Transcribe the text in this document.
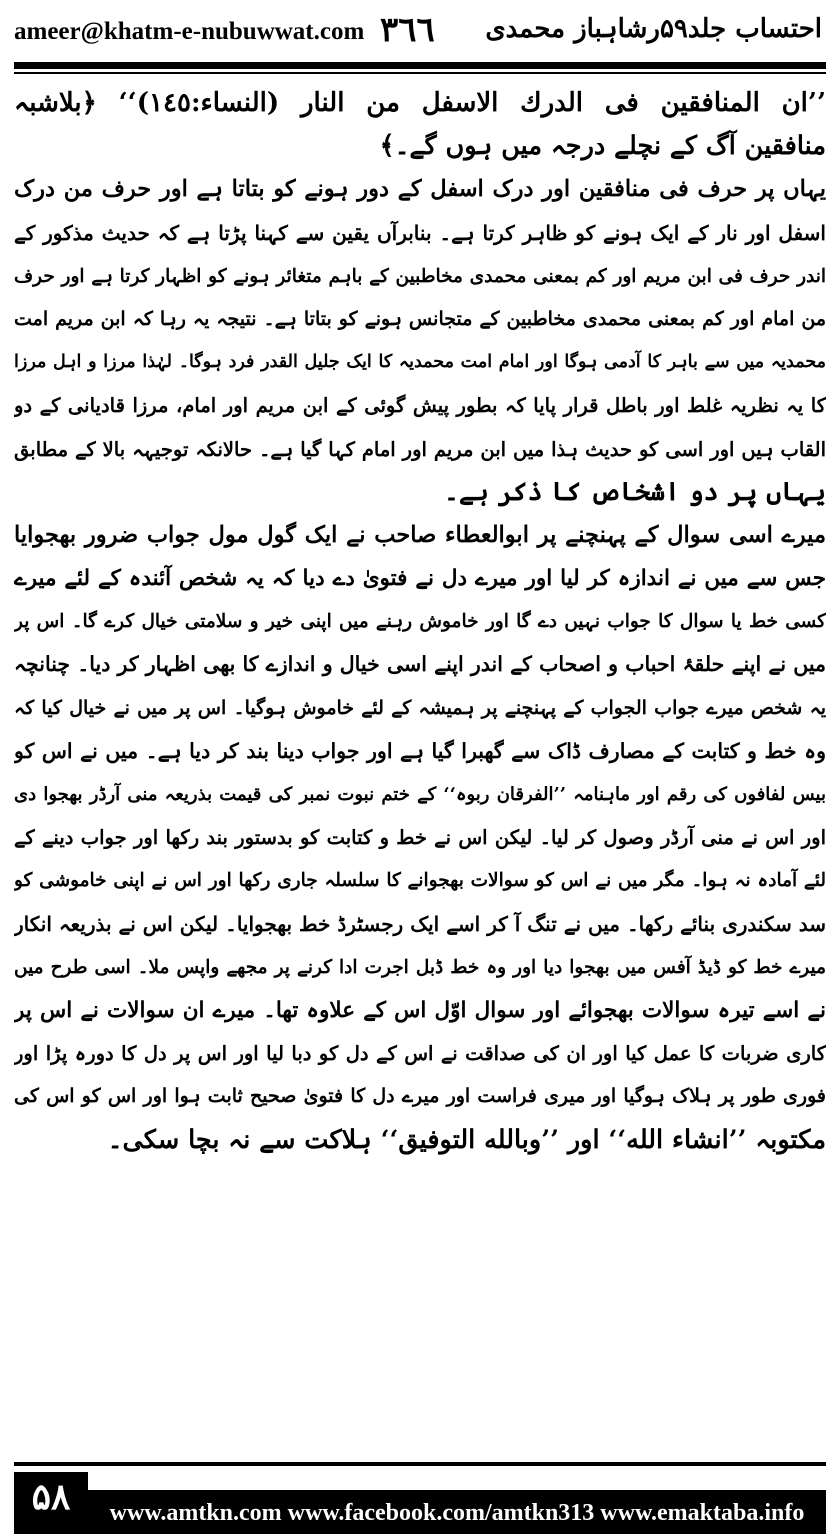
ameer@khatm-e-nubuwwat.com ٣٦٦ احتساب جلد۵۹رشاہباز محمدی
’’ان المنافقين فى الدرك الاسفل من النار (النساء:١٤٥)‘‘ ﴿بلاشبہ
منافقین آگ کے نچلے درجہ میں ہوں گے۔﴾
یہاں پر حرف فی منافقین اور درک اسفل کے دور ہونے کو بتاتا ہے اور حرف من درک
اسفل اور نار کے ایک ہونے کو ظاہر کرتا ہے۔ بنابرآں یقین سے کہنا پڑتا ہے کہ حدیث مذکور کے
اندر حرف فی ابن مریم اور کم بمعنی محمدی مخاطبین کے باہم متغائر ہونے کو اظہار کرتا ہے اور حرف
من امام اور کم بمعنی محمدی مخاطبین کے متجانس ہونے کو بتاتا ہے۔ نتیجہ یہ رہا کہ ابن مریم امت
محمدیہ میں سے باہر کا آدمی ہوگا اور امام امت محمدیہ کا ایک جلیل القدر فرد ہوگا۔ لہٰذا مرزا و اہل مرزا
کا یہ نظریہ غلط اور باطل قرار پایا کہ بطور پیش گوئی کے ابن مریم اور امام، مرزا قادیانی کے دو
القاب ہیں اور اسی کو حدیث ہذا میں ابن مریم اور امام کہا گیا ہے۔ حالانکہ توجیہہ بالا کے مطابق
یہاں پر دو اشخاص کا ذکر ہے۔
میرے اسی سوال کے پہنچنے پر ابوالعطاء صاحب نے ایک گول مول جواب ضرور بھجوایا
جس سے میں نے اندازہ کر لیا اور میرے دل نے فتویٰ دے دیا کہ یہ شخص آئندہ کے لئے میرے
کسی خط یا سوال کا جواب نہیں دے گا اور خاموش رہنے میں اپنی خیر و سلامتی خیال کرے گا۔ اس پر
میں نے اپنے حلقۂ احباب و اصحاب کے اندر اپنے اسی خیال و اندازے کا بھی اظہار کر دیا۔ چنانچہ
یہ شخص میرے جواب الجواب کے پہنچنے پر ہمیشہ کے لئے خاموش ہوگیا۔ اس پر میں نے خیال کیا کہ
وہ خط و کتابت کے مصارف ڈاک سے گھبرا گیا ہے اور جواب دینا بند کر دیا ہے۔ میں نے اس کو
بیس لفافوں کی رقم اور ماہنامہ ’’الفرقان ربوہ‘‘ کے ختم نبوت نمبر کی قیمت بذریعہ منی آرڈر بھجوا دی
اور اس نے منی آرڈر وصول کر لیا۔ لیکن اس نے خط و کتابت کو بدستور بند رکھا اور جواب دینے کے
لئے آمادہ نہ ہوا۔ مگر میں نے اس کو سوالات بھجوانے کا سلسلہ جاری رکھا اور اس نے اپنی خاموشی کو
سد سکندری بنائے رکھا۔ میں نے تنگ آ کر اسے ایک رجسٹرڈ خط بھجوایا۔ لیکن اس نے بذریعہ انکار
میرے خط کو ڈیڈ آفس میں بھجوا دیا اور وہ خط ڈبل اجرت ادا کرنے پر مجھے واپس ملا۔ اسی طرح میں
نے اسے تیرہ سوالات بھجوائے اور سوال اوّل اس کے علاوہ تھا۔ میرے ان سوالات نے اس پر
کاری ضربات کا عمل کیا اور ان کی صداقت نے اس کے دل کو دبا لیا اور اس پر دل کا دورہ پڑا اور
فوری طور پر ہلاک ہوگیا اور میری فراست اور میرے دل کا فتویٰ صحیح ثابت ہوا اور اس کو اس کی
مکتوبہ ’’انشاء الله‘‘ اور ’’وبالله التوفيق‘‘ ہلاکت سے نہ بچا سکی۔
www.amtkn.com www.facebook.com/amtkn313 www.emaktaba.info
۵۸
